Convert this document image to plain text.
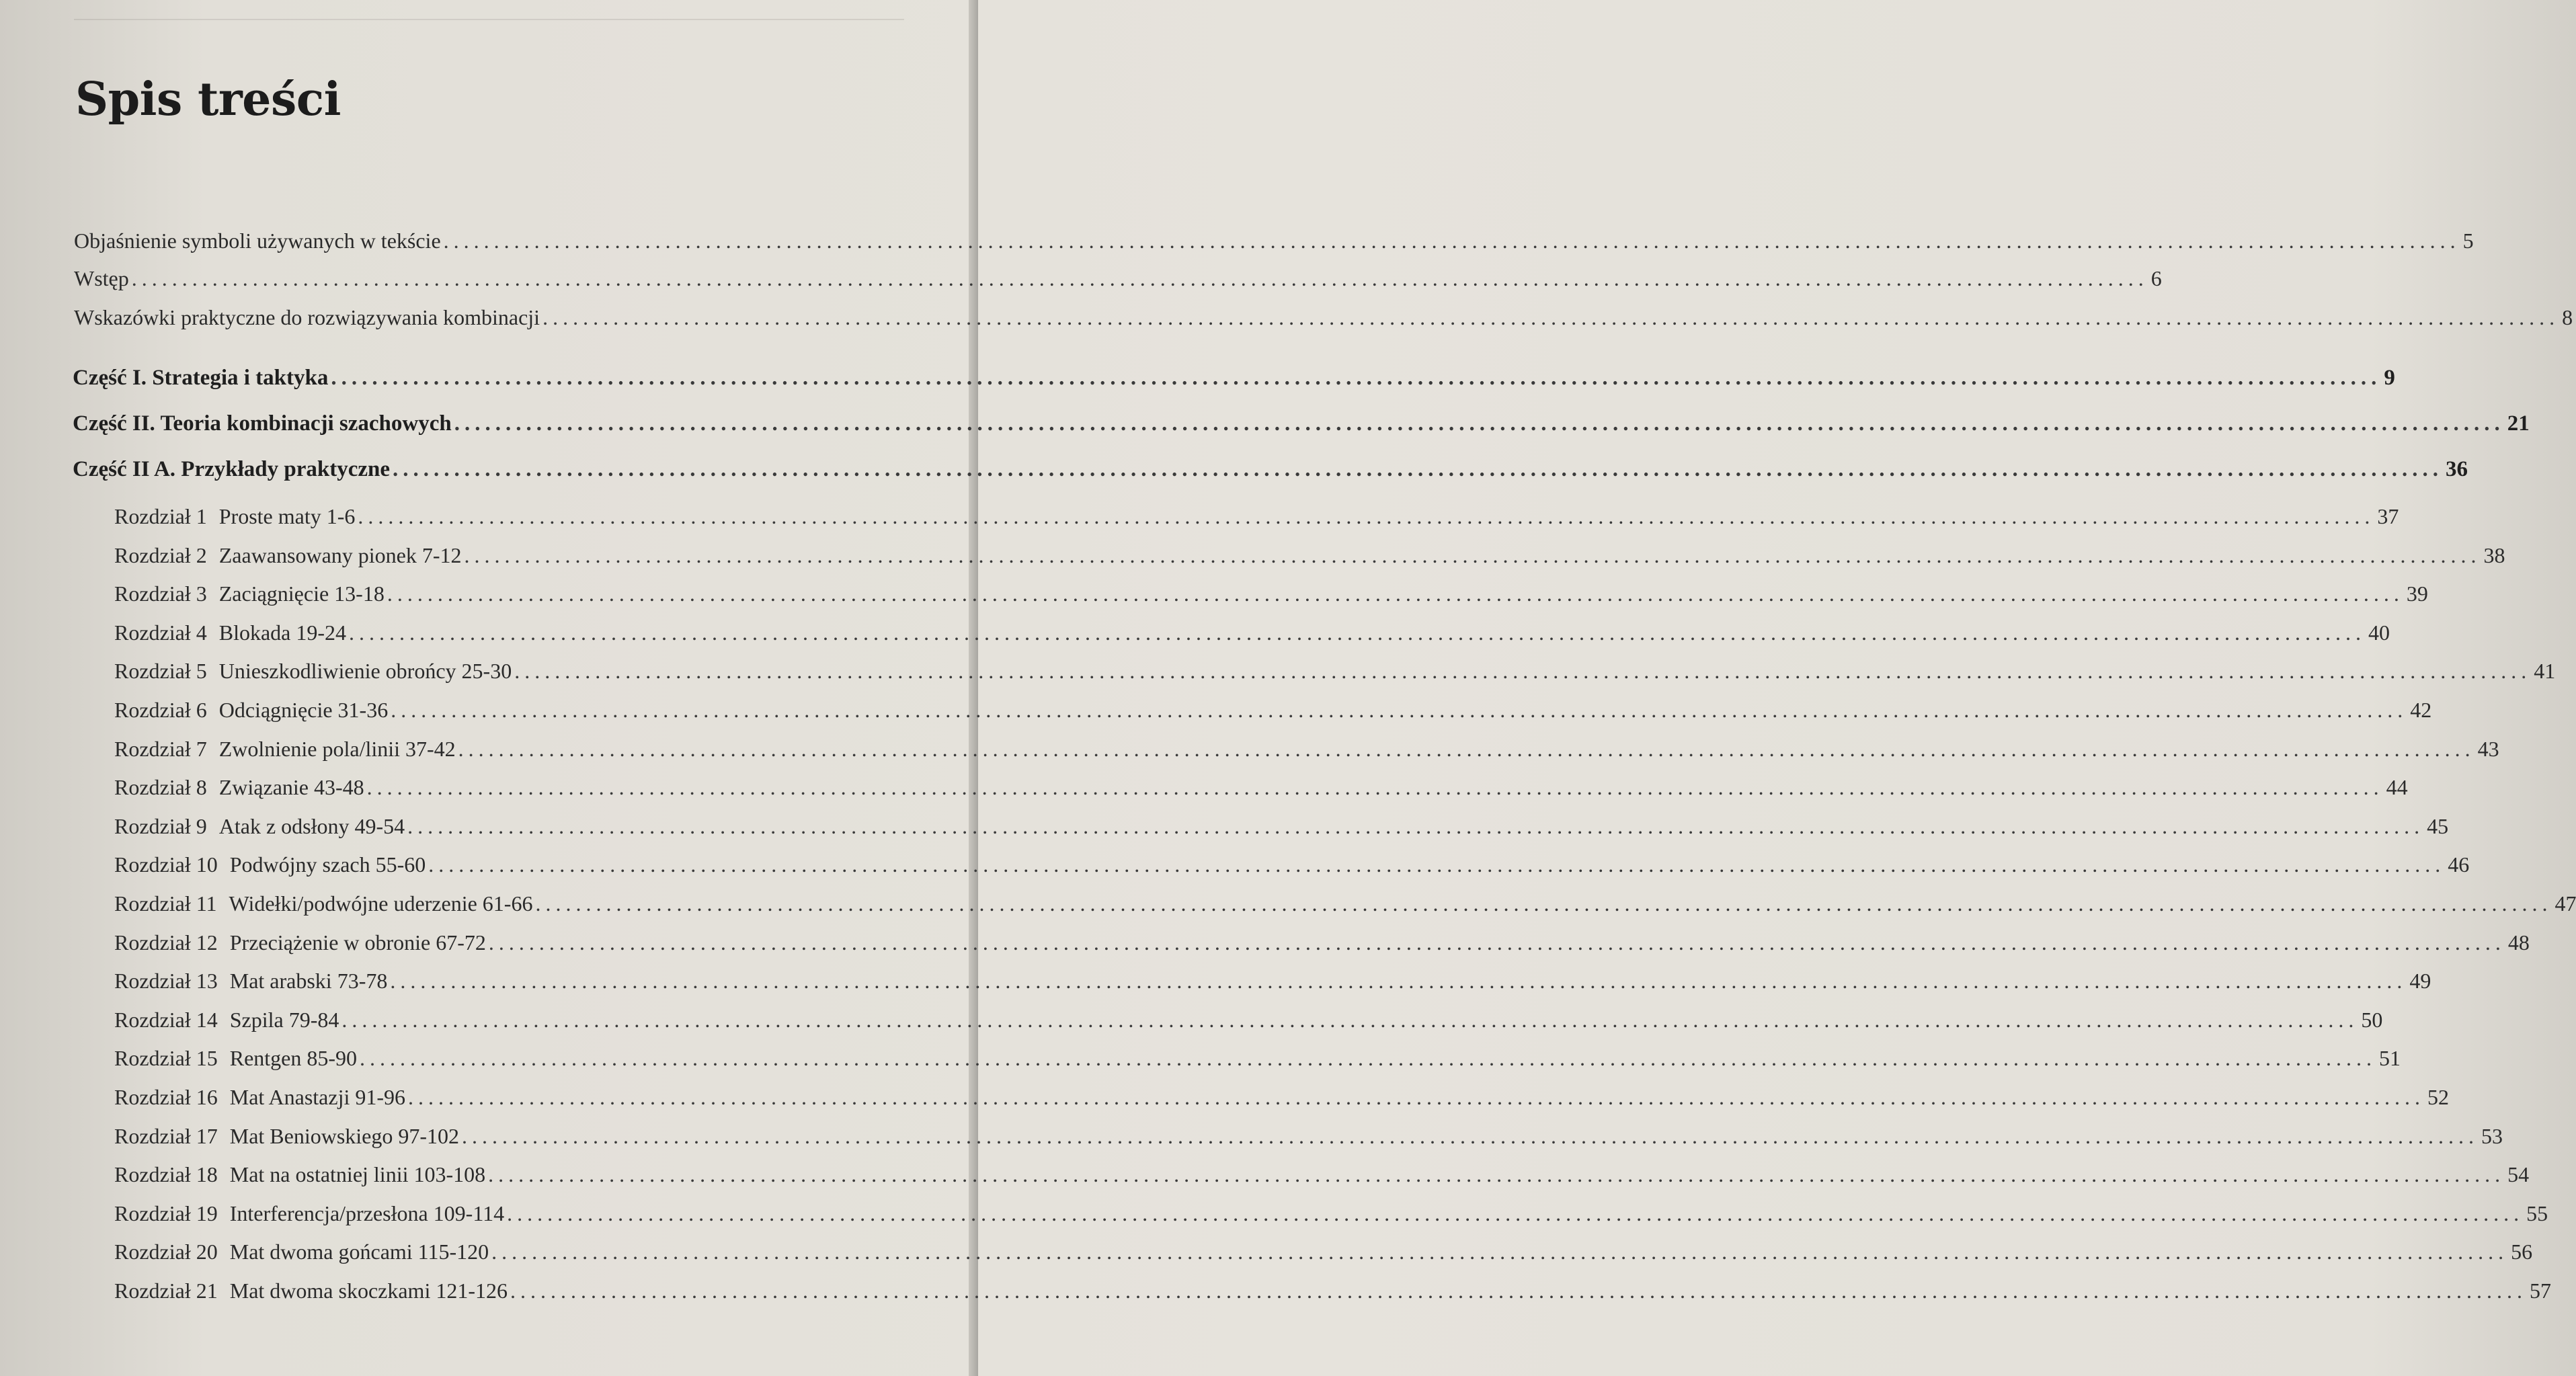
Spis treści
Objaśnienie symboli używanych w tekście ........................................................................................................................................................................................................ 5
Wstęp ........................................................................................................................................................................................................ 6
Wskazówki praktyczne do rozwiązywania kombinacji ........................................................................................................................................................................................................ 8
Część I. Strategia i taktyka ........................................................................................................................................................................................................ 9
Część II. Teoria kombinacji szachowych ........................................................................................................................................................................................................ 21
Część II A. Przykłady praktyczne ........................................................................................................................................................................................................ 36
Rozdział 1 Proste maty 1-6 ........................................................................................................................................................................................................ 37
Rozdział 2 Zaawansowany pionek 7-12 ........................................................................................................................................................................................................ 38
Rozdział 3 Zaciągnięcie 13-18 ........................................................................................................................................................................................................ 39
Rozdział 4 Blokada 19-24 ........................................................................................................................................................................................................ 40
Rozdział 5 Unieszkodliwienie obrońcy 25-30 ........................................................................................................................................................................................................ 41
Rozdział 6 Odciągnięcie 31-36 ........................................................................................................................................................................................................ 42
Rozdział 7 Zwolnienie pola/linii 37-42 ........................................................................................................................................................................................................ 43
Rozdział 8 Związanie 43-48 ........................................................................................................................................................................................................ 44
Rozdział 9 Atak z odsłony 49-54 ........................................................................................................................................................................................................ 45
Rozdział 10 Podwójny szach 55-60 ........................................................................................................................................................................................................ 46
Rozdział 11 Widełki/podwójne uderzenie 61-66 ........................................................................................................................................................................................................ 47
Rozdział 12 Przeciążenie w obronie 67-72 ........................................................................................................................................................................................................ 48
Rozdział 13 Mat arabski 73-78 ........................................................................................................................................................................................................ 49
Rozdział 14 Szpila 79-84 ........................................................................................................................................................................................................ 50
Rozdział 15 Rentgen 85-90 ........................................................................................................................................................................................................ 51
Rozdział 16 Mat Anastazji 91-96 ........................................................................................................................................................................................................ 52
Rozdział 17 Mat Beniowskiego 97-102 ........................................................................................................................................................................................................ 53
Rozdział 18 Mat na ostatniej linii 103-108 ........................................................................................................................................................................................................ 54
Rozdział 19 Interferencja/przesłona 109-114 ........................................................................................................................................................................................................ 55
Rozdział 20 Mat dwoma gońcami 115-120 ........................................................................................................................................................................................................ 56
Rozdział 21 Mat dwoma skoczkami 121-126 ........................................................................................................................................................................................................ 57
